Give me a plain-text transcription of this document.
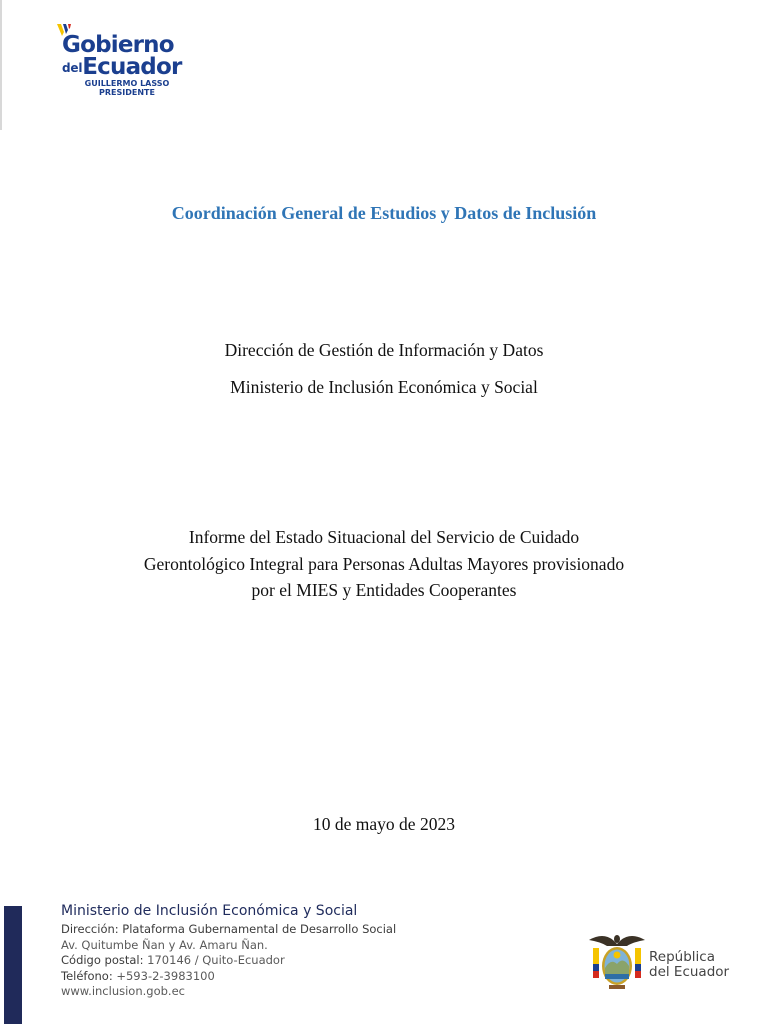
Gobierno
delEcuador
GUILLERMO LASSO
PRESIDENTE
Coordinación General de Estudios y Datos de Inclusión
Dirección de Gestión de Información y Datos
Ministerio de Inclusión Económica y Social
Informe del Estado Situacional del Servicio de Cuidado
Gerontológico Integral para Personas Adultas Mayores provisionado
por el MIES y Entidades Cooperantes
10 de mayo de 2023
Ministerio de Inclusión Económica y Social
Dirección: Plataforma Gubernamental de Desarrollo Social
Av. Quitumbe Ñan y Av. Amaru Ñan.
Código postal: 170146 / Quito-Ecuador
Teléfono: +593-2-3983100
www.inclusion.gob.ec
República
del Ecuador
